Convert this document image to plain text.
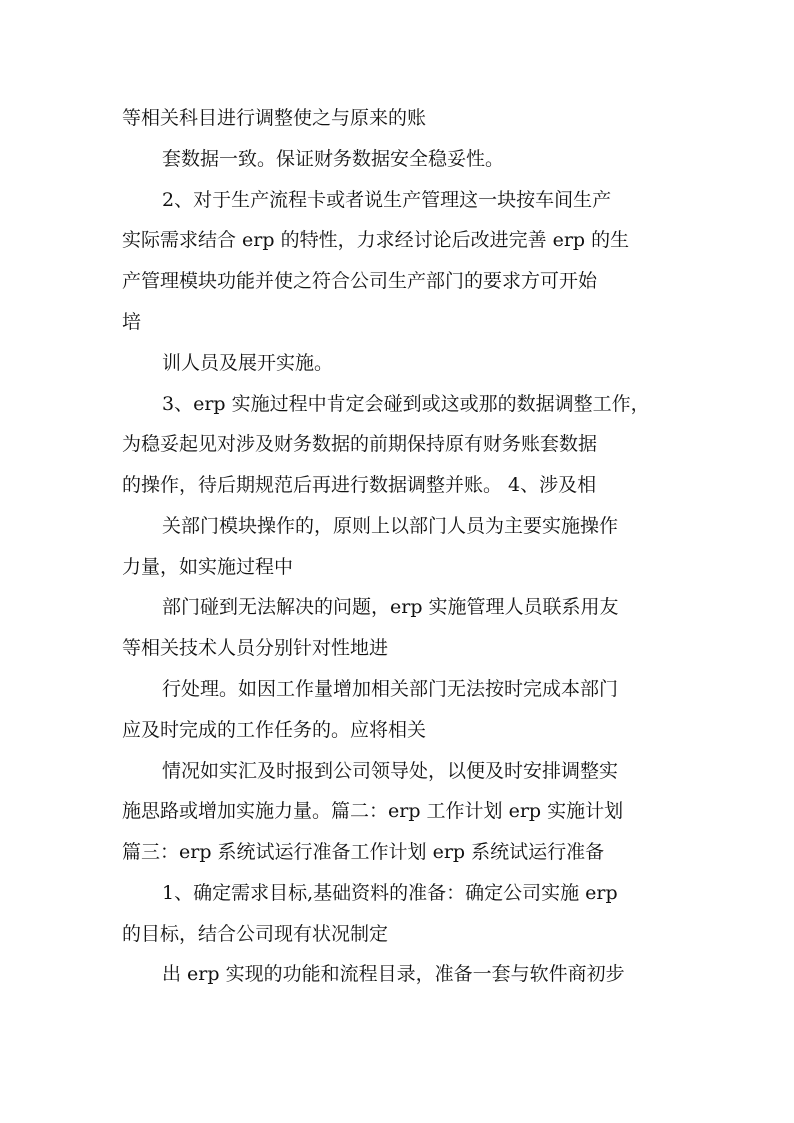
等相关科目进行调整使之与原来的账

套数据一致。保证财务数据安全稳妥性。

2、对于生产流程卡或者说生产管理这一块按车间生产

实际需求结合 erp 的特性，力求经讨论后改进完善 erp 的生

产管理模块功能并使之符合公司生产部门的要求方可开始

培

训人员及展开实施。

3、erp 实施过程中肯定会碰到或这或那的数据调整工作，

为稳妥起见对涉及财务数据的前期保持原有财务账套数据

的操作，待后期规范后再进行数据调整并账。 4、涉及相

关部门模块操作的，原则上以部门人员为主要实施操作

力量，如实施过程中

部门碰到无法解决的问题，erp 实施管理人员联系用友

等相关技术人员分别针对性地进

行处理。如因工作量增加相关部门无法按时完成本部门

应及时完成的工作任务的。应将相关

情况如实汇及时报到公司领导处，以便及时安排调整实

施思路或增加实施力量。篇二：erp 工作计划 erp 实施计划

篇三：erp 系统试运行准备工作计划 erp 系统试运行准备

1、确定需求目标,基础资料的准备：确定公司实施 erp

的目标，结合公司现有状况制定

出 erp 实现的功能和流程目录，准备一套与软件商初步
